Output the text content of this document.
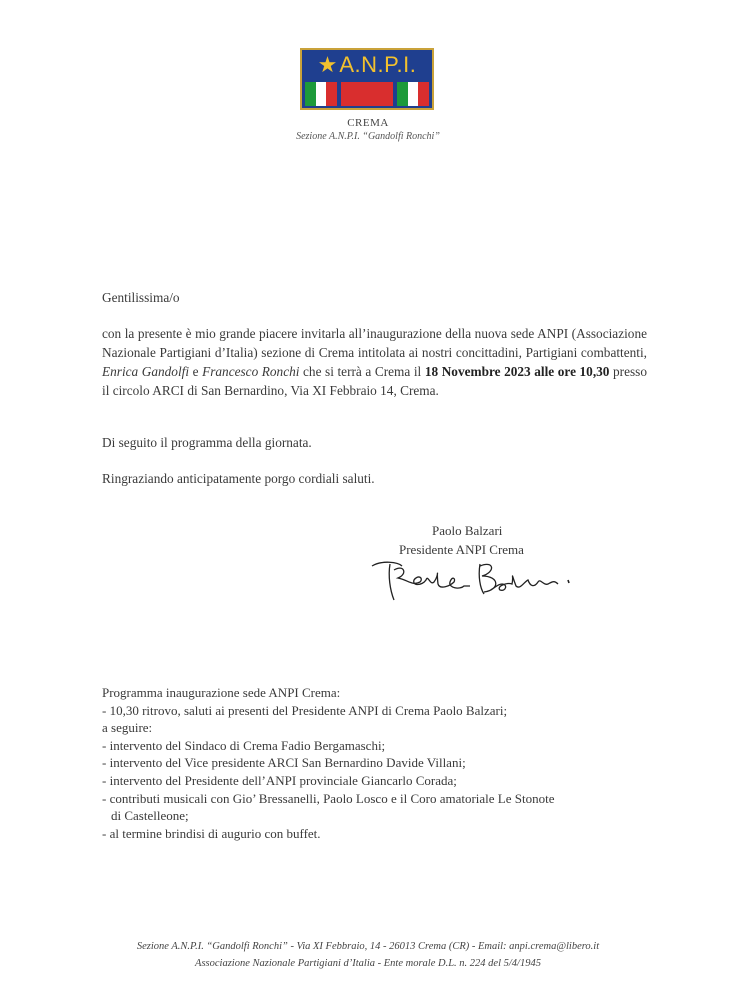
★ A.N.P.I.
CREMA
Sezione A.N.P.I. “Gandolfi Ronchi”
Gentilissima/o
con la presente è mio grande piacere invitarla all’inaugurazione della nuova sede ANPI (Associazione Nazionale Partigiani d’Italia) sezione di Crema intitolata ai nostri concittadini, Partigiani combattenti, Enrica Gandolfi e Francesco Ronchi che si terrà a Crema il 18 Novembre 2023 alle ore 10,30 presso il circolo ARCI di San Bernardino, Via XI Febbraio 14, Crema.
Di seguito il programma della giornata.
Ringraziando anticipatamente porgo cordiali saluti.
Paolo Balzari
Presidente ANPI Crema
Programma inaugurazione sede ANPI Crema:
- 10,30 ritrovo, saluti ai presenti del Presidente ANPI di Crema Paolo Balzari;
a seguire:
- intervento del Sindaco di Crema Fadio Bergamaschi;
- intervento del Vice presidente ARCI San Bernardino Davide Villani;
- intervento del Presidente dell’ANPI provinciale Giancarlo Corada;
- contributi musicali con Gio’ Bressanelli, Paolo Losco e il Coro amatoriale Le Stonote
di Castelleone;
- al termine brindisi di augurio con buffet.
Sezione A.N.P.I. “Gandolfi Ronchi” - Via XI Febbraio, 14 - 26013 Crema (CR) - Email: anpi.crema@libero.it
Associazione Nazionale Partigiani d’Italia - Ente morale D.L. n. 224 del 5/4/1945
